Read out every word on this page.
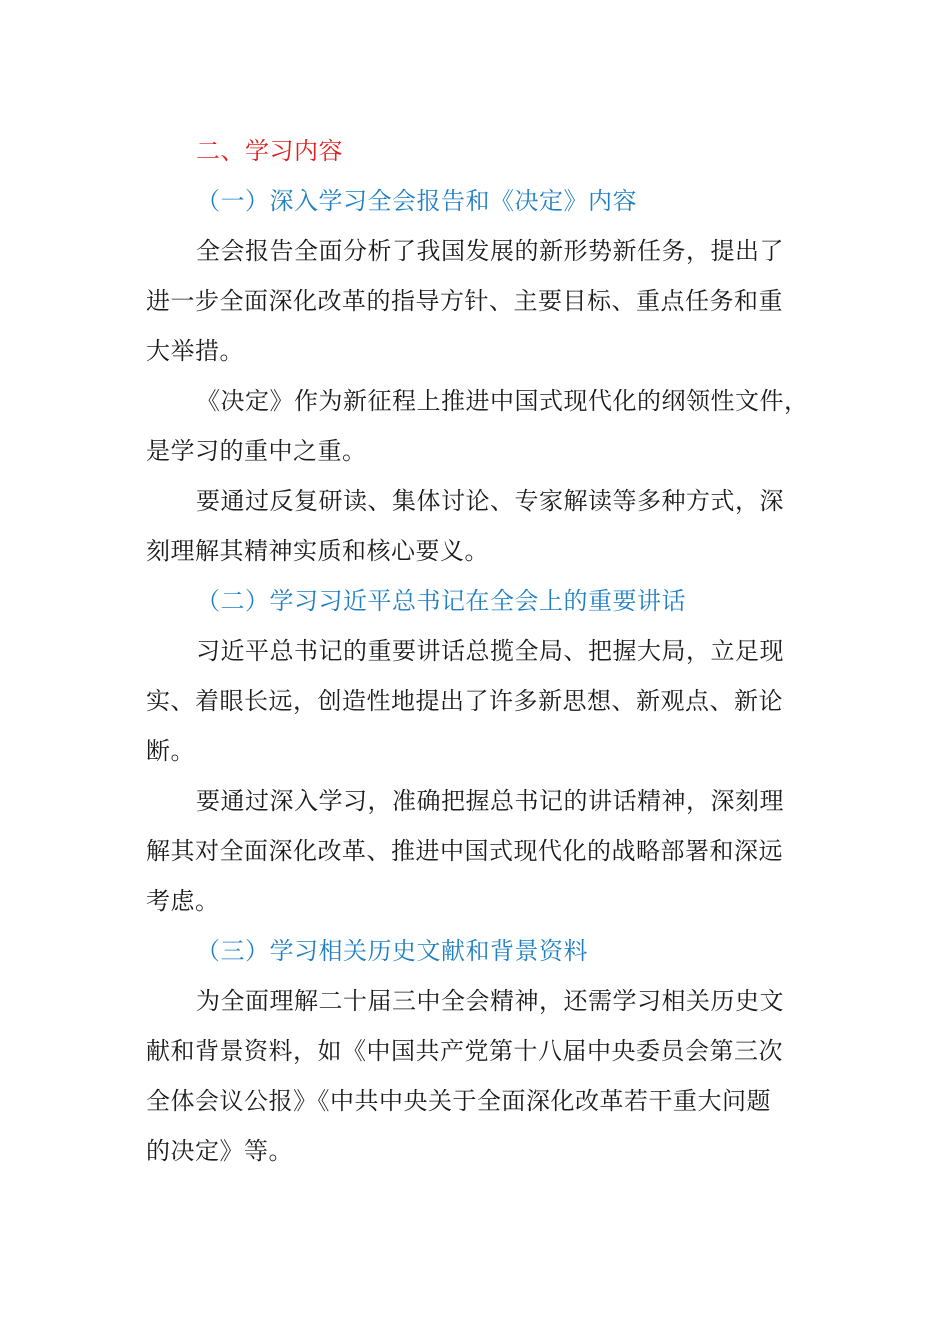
二、学习内容
（一）深入学习全会报告和《决定》内容
全会报告全面分析了我国发展的新形势新任务，提出了
进一步全面深化改革的指导方针、主要目标、重点任务和重
大举措。
《决定》作为新征程上推进中国式现代化的纲领性文件，
是学习的重中之重。
要通过反复研读、集体讨论、专家解读等多种方式，深
刻理解其精神实质和核心要义。
（二）学习习近平总书记在全会上的重要讲话
习近平总书记的重要讲话总揽全局、把握大局，立足现
实、着眼长远，创造性地提出了许多新思想、新观点、新论
断。
要通过深入学习，准确把握总书记的讲话精神，深刻理
解其对全面深化改革、推进中国式现代化的战略部署和深远
考虑。
（三）学习相关历史文献和背景资料
为全面理解二十届三中全会精神，还需学习相关历史文
献和背景资料，如《中国共产党第十八届中央委员会第三次
全体会议公报》《中共中央关于全面深化改革若干重大问题
的决定》等。
